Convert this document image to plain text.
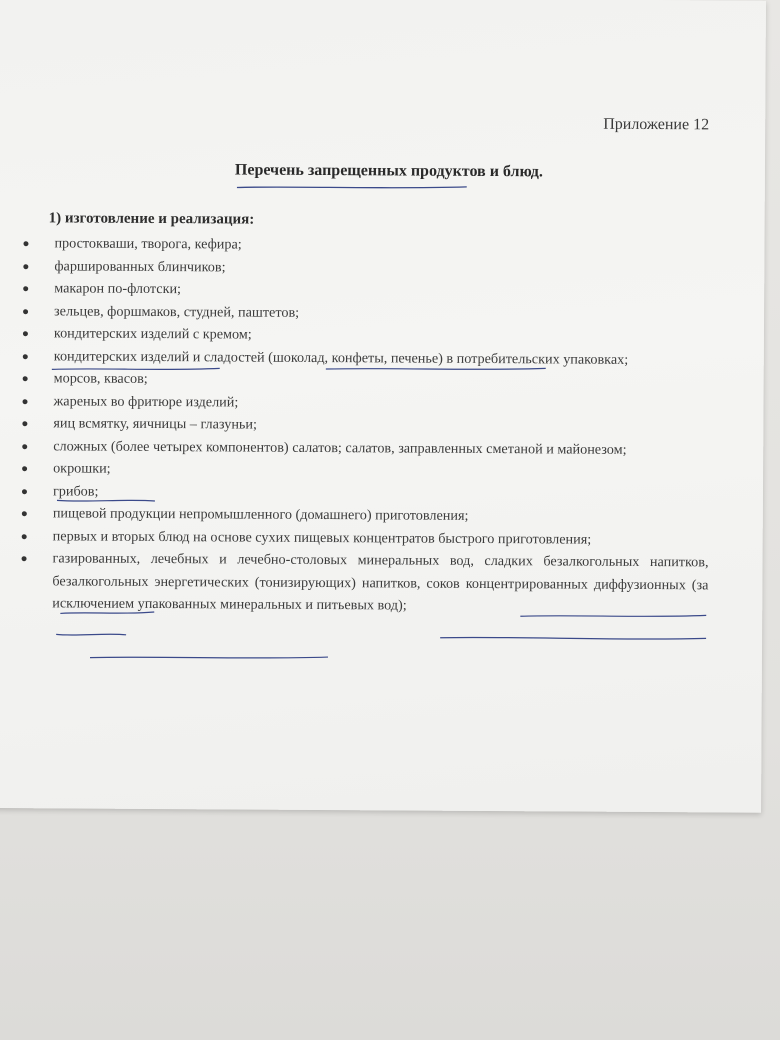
Приложение 12
Перечень запрещенных продуктов и блюд.
1) изготовление и реализация:
простокваши, творога, кефира;
фаршированных блинчиков;
макарон по-флотски;
зельцев, форшмаков, студней, паштетов;
кондитерских изделий с кремом;
кондитерских изделий и сладостей (шоколад, конфеты, печенье) в потребительских упаковках;
морсов, квасов;
жареных во фритюре изделий;
яиц всмятку, яичницы – глазуньи;
сложных (более четырех компонентов) салатов; салатов, заправленных сметаной и майонезом;
окрошки;
грибов;
пищевой продукции непромышленного (домашнего) приготовления;
первых и вторых блюд на основе сухих пищевых концентратов быстрого приготовления;
газированных, лечебных и лечебно-столовых минеральных вод, сладких безалкогольных напитков, безалкогольных энергетических (тонизирующих) напитков, соков концентрированных диффузионных (за исключением упакованных минеральных и питьевых вод);
